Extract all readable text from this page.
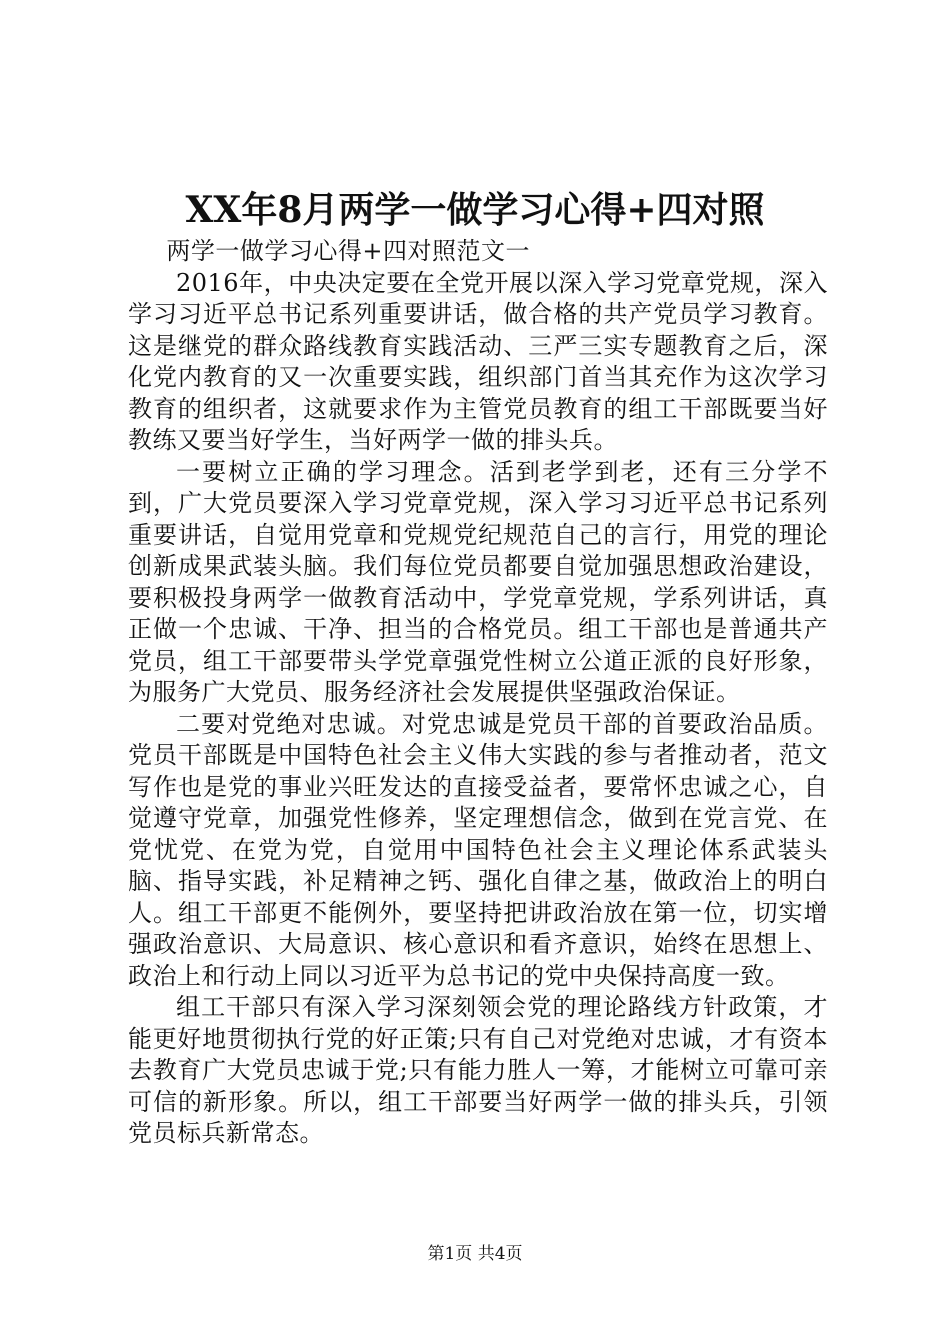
XX年8月两学一做学习心得+四对照

两学一做学习心得+四对照范文一

2016年，中央决定要在全党开展以深入学习党章党规，深入学习习近平总书记系列重要讲话，做合格的共产党员学习教育。这是继党的群众路线教育实践活动、三严三实专题教育之后，深化党内教育的又一次重要实践，组织部门首当其充作为这次学习教育的组织者，这就要求作为主管党员教育的组工干部既要当好教练又要当好学生，当好两学一做的排头兵。

一要树立正确的学习理念。活到老学到老，还有三分学不到，广大党员要深入学习党章党规，深入学习习近平总书记系列重要讲话，自觉用党章和党规党纪规范自己的言行，用党的理论创新成果武装头脑。我们每位党员都要自觉加强思想政治建设，要积极投身两学一做教育活动中，学党章党规，学系列讲话，真正做一个忠诚、干净、担当的合格党员。组工干部也是普通共产党员，组工干部要带头学党章强党性树立公道正派的良好形象，为服务广大党员、服务经济社会发展提供坚强政治保证。

二要对党绝对忠诚。对党忠诚是党员干部的首要政治品质。党员干部既是中国特色社会主义伟大实践的参与者推动者，范文写作也是党的事业兴旺发达的直接受益者，要常怀忠诚之心，自觉遵守党章，加强党性修养，坚定理想信念，做到在党言党、在党忧党、在党为党，自觉用中国特色社会主义理论体系武装头脑、指导实践，补足精神之钙、强化自律之基，做政治上的明白人。组工干部更不能例外，要坚持把讲政治放在第一位，切实增强政治意识、大局意识、核心意识和看齐意识，始终在思想上、政治上和行动上同以习近平为总书记的党中央保持高度一致。

组工干部只有深入学习深刻领会党的理论路线方针政策，才能更好地贯彻执行党的好正策;只有自己对党绝对忠诚，才有资本去教育广大党员忠诚于党;只有能力胜人一筹，才能树立可靠可亲可信的新形象。所以，组工干部要当好两学一做的排头兵，引领党员标兵新常态。

第1页 共4页
